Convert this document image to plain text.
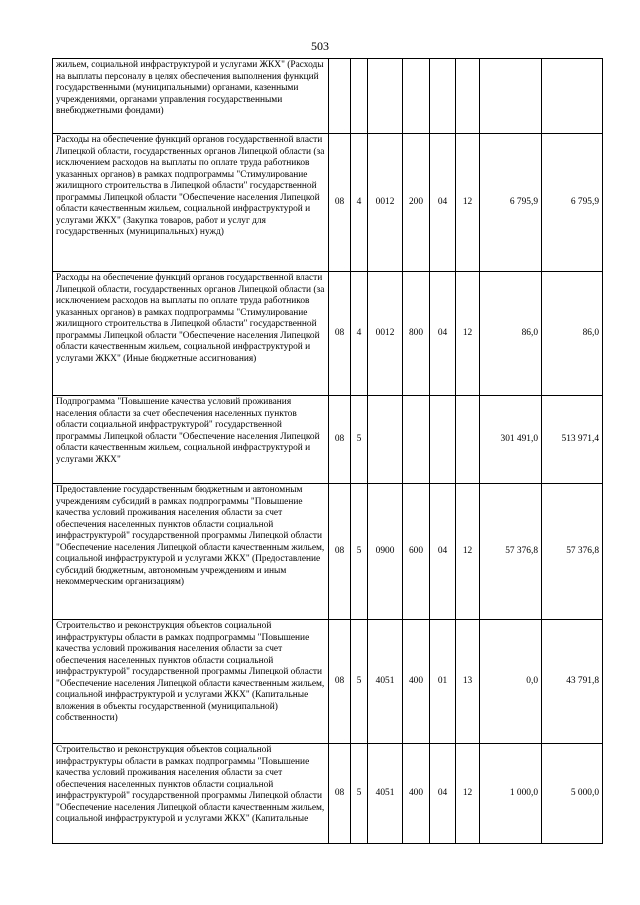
503
жильем, социальной инфраструктурой и услугами ЖКХ" (Расходы на выплаты персоналу в целях обеспечения выполнения функций государственными (муниципальными) органами, казенными учреждениями, органами управления государственными внебюджетными фондами)								
Расходы на обеспечение функций органов государственной власти Липецкой области, государственных органов Липецкой области (за исключением расходов на выплаты по оплате труда работников указанных органов) в рамках подпрограммы "Стимулирование жилищного строительства в Липецкой области" государственной программы Липецкой области "Обеспечение населения Липецкой области качественным жильем, социальной инфраструктурой и услугами ЖКХ" (Закупка товаров, работ и услуг для государственных (муниципальных) нужд)	08	4	0012	200	04	12	6 795,9	6 795,9
Расходы на обеспечение функций органов государственной власти Липецкой области, государственных органов Липецкой области (за исключением расходов на выплаты по оплате труда работников указанных органов) в рамках подпрограммы "Стимулирование жилищного строительства в Липецкой области" государственной программы Липецкой области "Обеспечение населения Липецкой области качественным жильем, социальной инфраструктурой и услугами ЖКХ" (Иные бюджетные ассигнования)	08	4	0012	800	04	12	86,0	86,0
Подпрограмма "Повышение качества условий проживания населения области за счет обеспечения населенных пунктов области социальной инфраструктурой" государственной программы Липецкой области "Обеспечение населения Липецкой области качественным жильем, социальной инфраструктурой и услугами ЖКХ"	08	5					301 491,0	513 971,4
Предоставление государственным бюджетным и автономным учреждениям субсидий в рамках подпрограммы "Повышение качества условий проживания населения области за счет обеспечения населенных пунктов области социальной инфраструктурой" государственной программы Липецкой области "Обеспечение населения Липецкой области качественным жильем, социальной инфраструктурой и услугами ЖКХ" (Предоставление субсидий бюджетным, автономным учреждениям и иным некоммерческим организациям)	08	5	0900	600	04	12	57 376,8	57 376,8
Строительство и реконструкция объектов социальной инфраструктуры области в рамках подпрограммы "Повышение качества условий проживания населения области за счет обеспечения населенных пунктов области социальной инфраструктурой" государственной программы Липецкой области "Обеспечение населения Липецкой области качественным жильем, социальной инфраструктурой и услугами ЖКХ" (Капитальные вложения в объекты государственной (муниципальной) собственности)	08	5	4051	400	01	13	0,0	43 791,8
Строительство и реконструкция объектов социальной инфраструктуры области в рамках подпрограммы "Повышение качества условий проживания населения области за счет обеспечения населенных пунктов области социальной инфраструктурой" государственной программы Липецкой области "Обеспечение населения Липецкой области качественным жильем, социальной инфраструктурой и услугами ЖКХ" (Капитальные	08	5	4051	400	04	12	1 000,0	5 000,0
